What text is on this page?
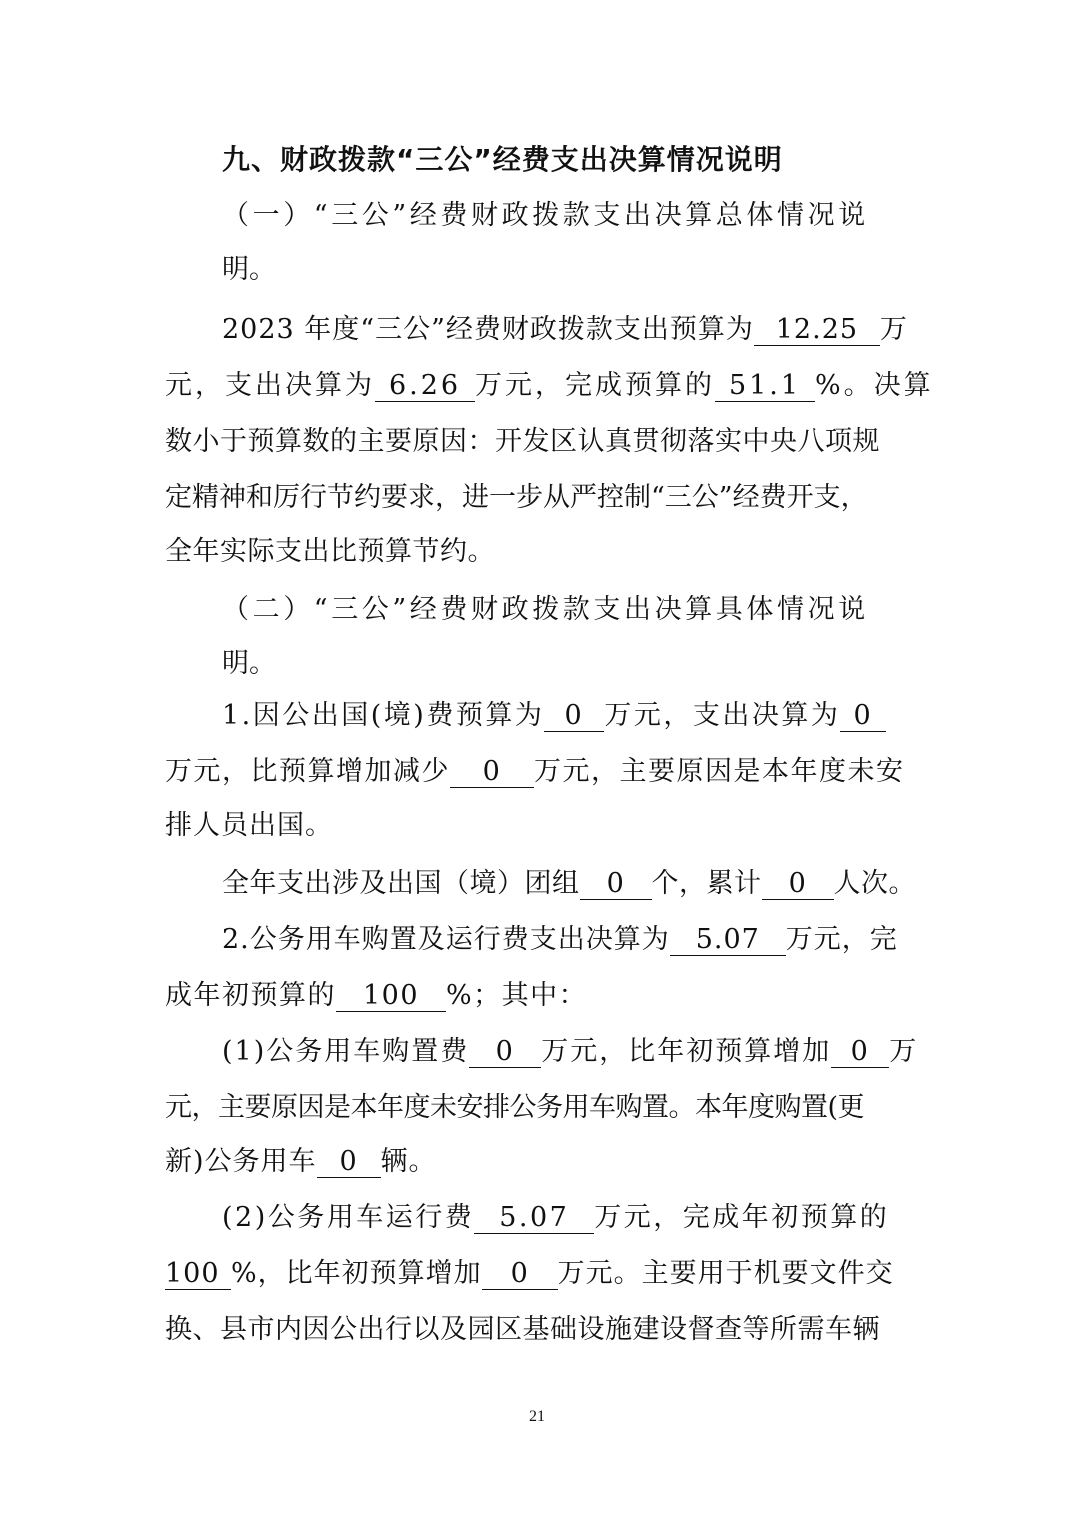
九、财政拨款“三公”经费支出决算情况说明
（一）“三公”经费财政拨款支出决算总体情况说
明。
2023 年度“三公”经费财政拨款支出预算为 12.25 万
元，支出决算为 6.26 万元，完成预算的 51.1 %。决算
数小于预算数的主要原因：开发区认真贯彻落实中央八项规
定精神和厉行节约要求，进一步从严控制“三公”经费开支，
全年实际支出比预算节约。
（二）“三公”经费财政拨款支出决算具体情况说
明。
1.因公出国(境)费预算为 0 万元，支出决算为 0
万元，比预算增加减少 0 万元，主要原因是本年度未安
排人员出国。
全年支出涉及出国（境）团组 0 个，累计 0 人次。
2.公务用车购置及运行费支出决算为 5.07 万元，完
成年初预算的 100 %；其中：
(1)公务用车购置费 0 万元，比年初预算增加 0 万
元，主要原因是本年度未安排公务用车购置。本年度购置(更
新)公务用车 0 辆。
(2)公务用车运行费 5.07 万元，完成年初预算的
100 %，比年初预算增加 0 万元。主要用于机要文件交
换、县市内因公出行以及园区基础设施建设督查等所需车辆
21
